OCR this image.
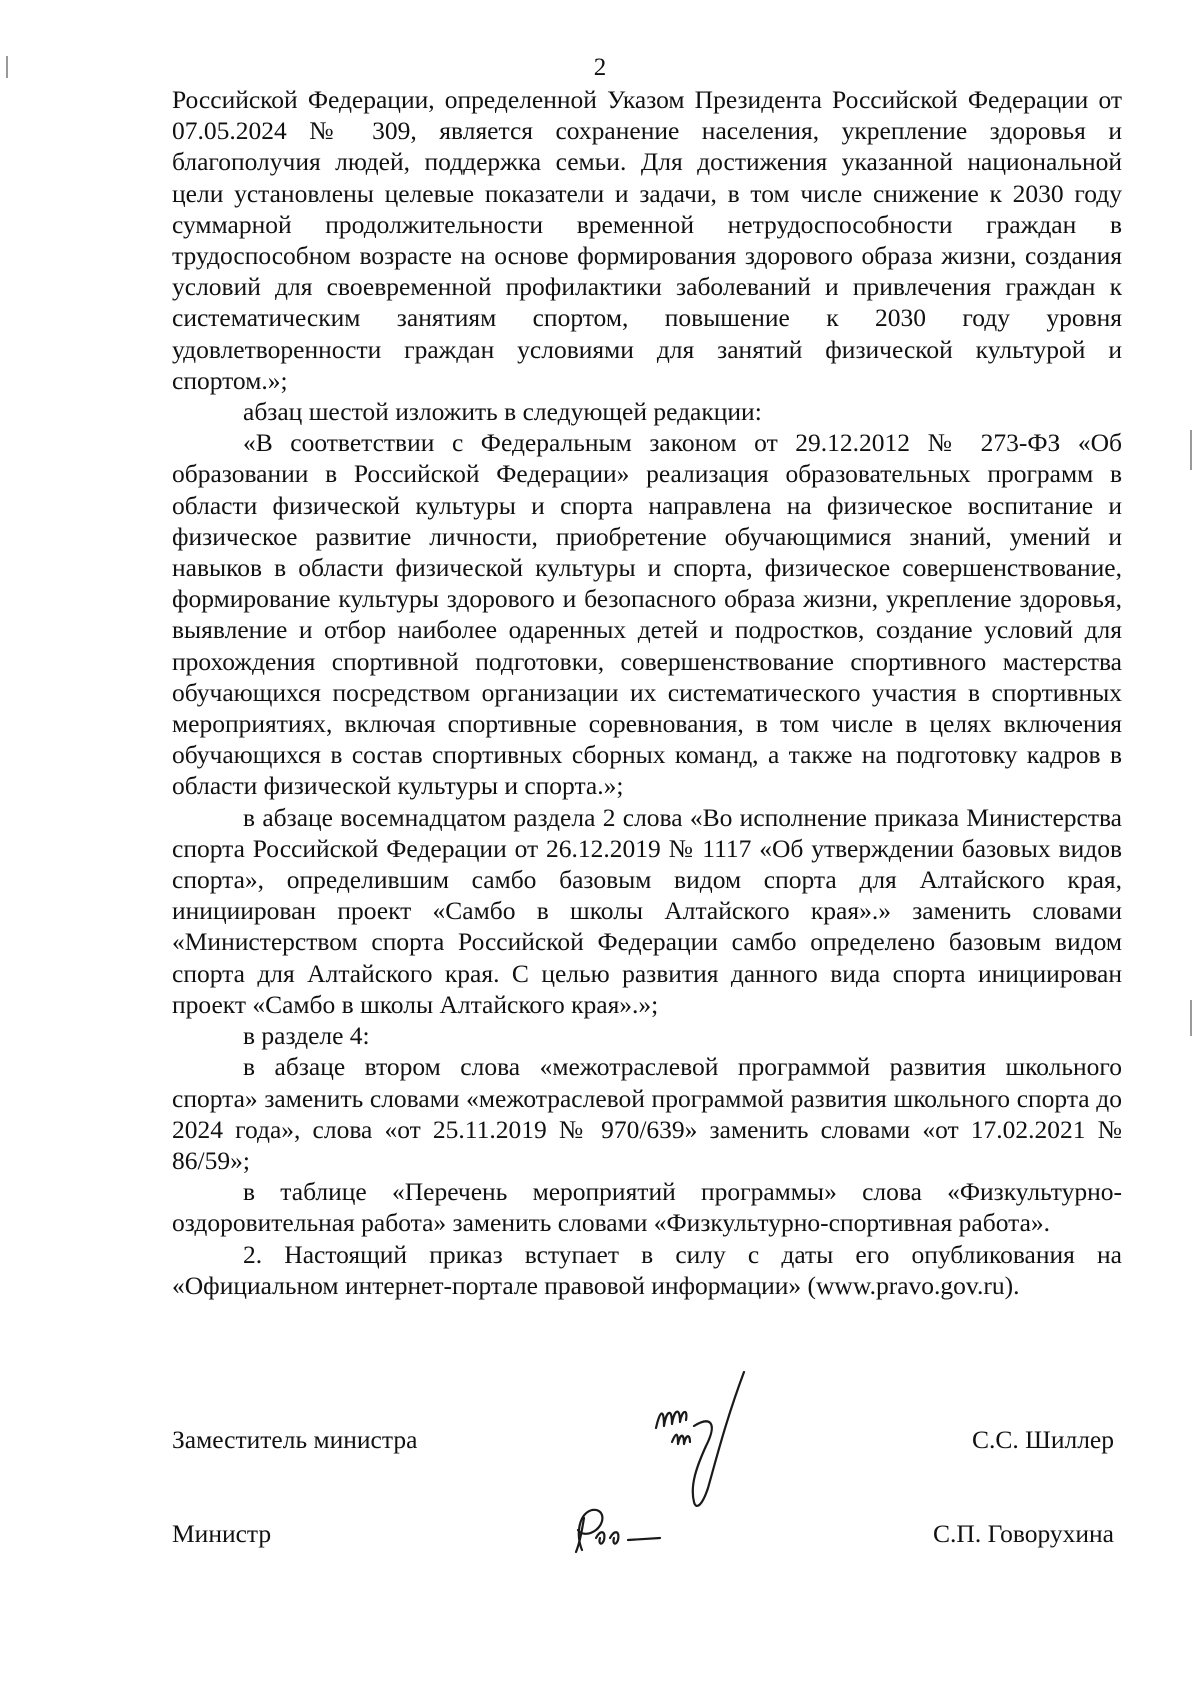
2

Российской Федерации, определенной Указом Президента Российской Федерации от 07.05.2024 № 309, является сохранение населения, укрепление здоровья и благополучия людей, поддержка семьи. Для достижения указанной национальной цели установлены целевые показатели и задачи, в том числе снижение к 2030 году суммарной продолжительности временной нетрудоспособности граждан в трудоспособном возрасте на основе формирования здорового образа жизни, создания условий для своевременной профилактики заболеваний и привлечения граждан к систематическим занятиям спортом, повышение к 2030 году уровня удовлетворенности граждан условиями для занятий физической культурой и спортом.»;

абзац шестой изложить в следующей редакции:

«В соответствии с Федеральным законом от 29.12.2012 № 273-ФЗ «Об образовании в Российской Федерации» реализация образовательных программ в области физической культуры и спорта направлена на физическое воспитание и физическое развитие личности, приобретение обучающимися знаний, умений и навыков в области физической культуры и спорта, физическое совершенствование, формирование культуры здорового и безопасного образа жизни, укрепление здоровья, выявление и отбор наиболее одаренных детей и подростков, создание условий для прохождения спортивной подготовки, совершенствование спортивного мастерства обучающихся посредством организации их систематического участия в спортивных мероприятиях, включая спортивные соревнования, в том числе в целях включения обучающихся в состав спортивных сборных команд, а также на подготовку кадров в области физической культуры и спорта.»;

в абзаце восемнадцатом раздела 2 слова «Во исполнение приказа Министерства спорта Российской Федерации от 26.12.2019 № 1117 «Об утверждении базовых видов спорта», определившим самбо базовым видом спорта для Алтайского края, инициирован проект «Самбо в школы Алтайского края».» заменить словами «Министерством спорта Российской Федерации самбо определено базовым видом спорта для Алтайского края. С целью развития данного вида спорта инициирован проект «Самбо в школы Алтайского края».»;

в разделе 4:

в абзаце втором слова «межотраслевой программой развития школьного спорта» заменить словами «межотраслевой программой развития школьного спорта до 2024 года», слова «от 25.11.2019 № 970/639» заменить словами «от 17.02.2021 № 86/59»;

в таблице «Перечень мероприятий программы» слова «Физкультурно-оздоровительная работа» заменить словами «Физкультурно-спортивная работа».

2. Настоящий приказ вступает в силу с даты его опубликования на «Официальном интернет-портале правовой информации» (www.pravo.gov.ru).

Заместитель министра	С.С. Шиллер
Министр	С.П. Говорухина
